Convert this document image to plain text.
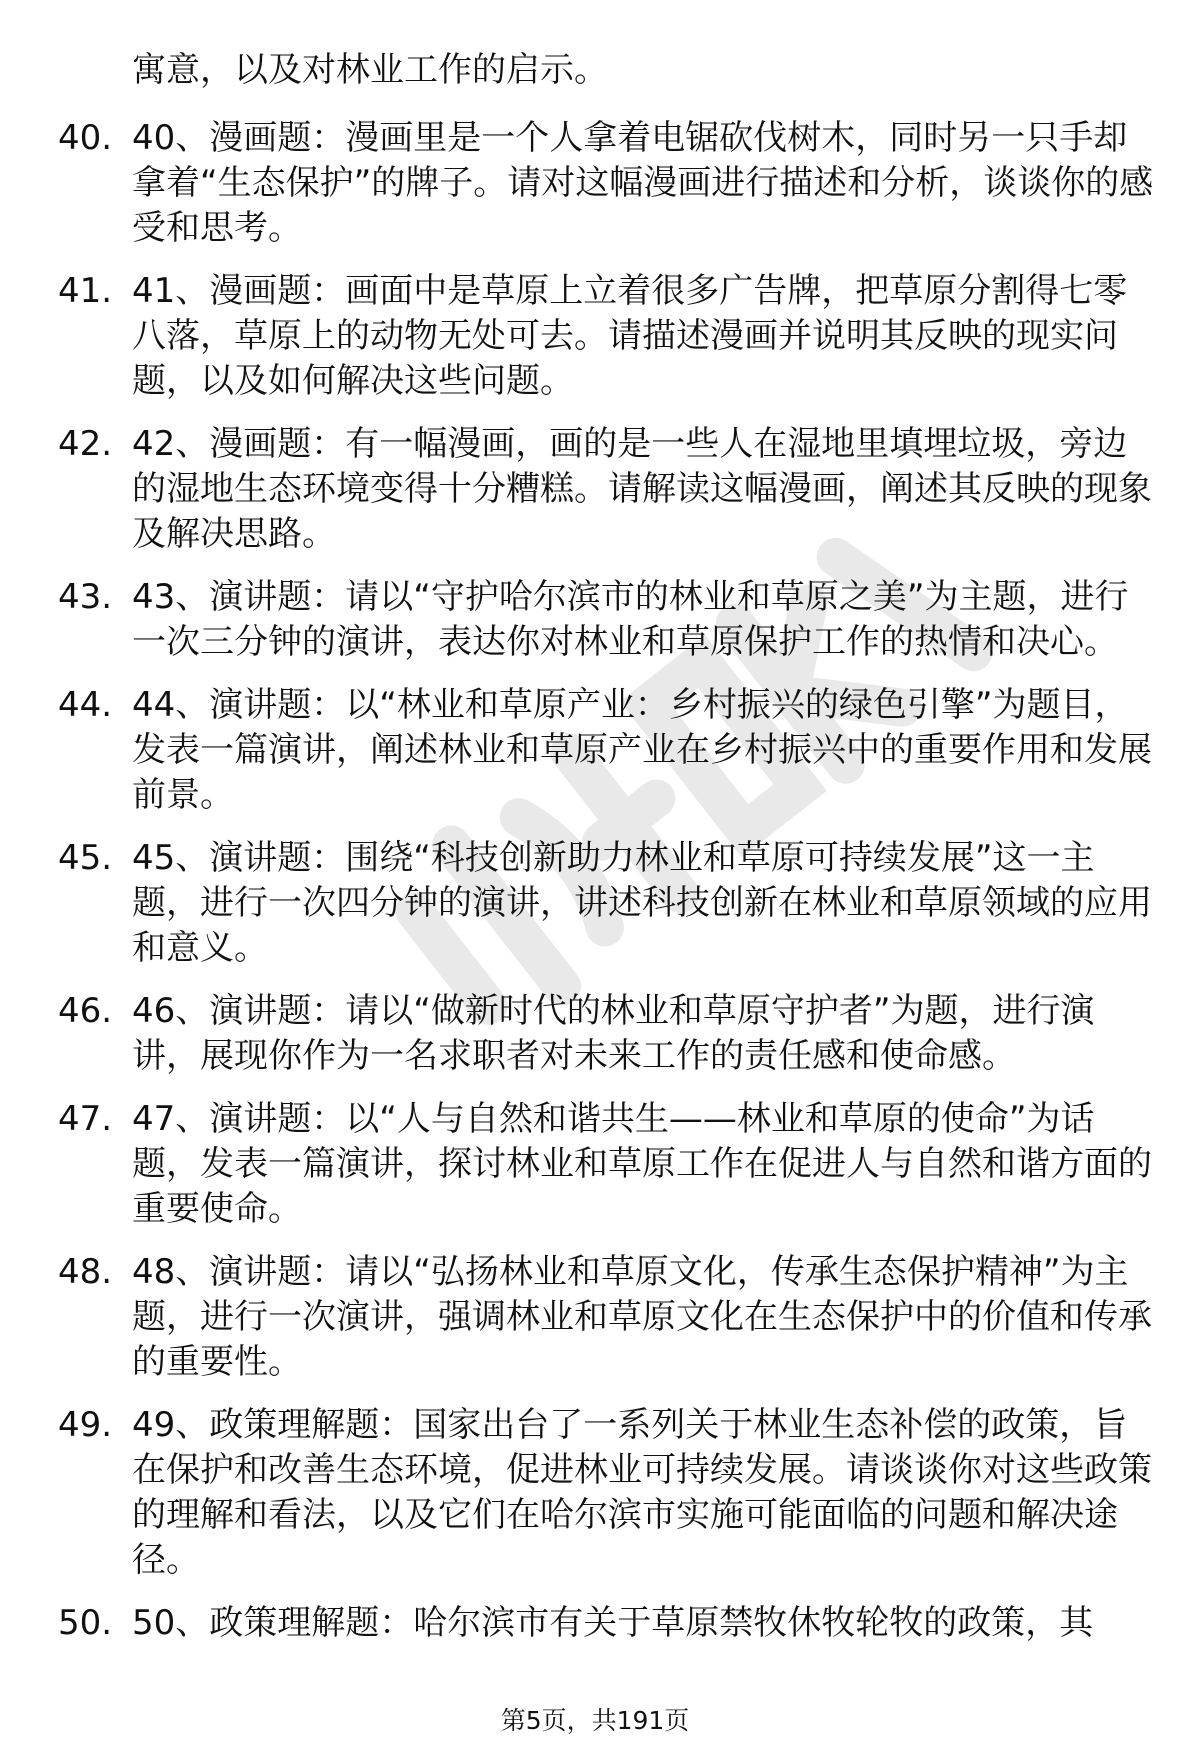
寓意，以及对林业工作的启示。
40. 40、漫画题：漫画里是一个人拿着电锯砍伐树木，同时另一只手却拿着“生态保护”的牌子。请对这幅漫画进行描述和分析，谈谈你的感受和思考。
41. 41、漫画题：画面中是草原上立着很多广告牌，把草原分割得七零八落，草原上的动物无处可去。请描述漫画并说明其反映的现实问题，以及如何解决这些问题。
42. 42、漫画题：有一幅漫画，画的是一些人在湿地里填埋垃圾，旁边的湿地生态环境变得十分糟糕。请解读这幅漫画，阐述其反映的现象及解决思路。
43. 43、演讲题：请以“守护哈尔滨市的林业和草原之美”为主题，进行一次三分钟的演讲，表达你对林业和草原保护工作的热情和决心。
44. 44、演讲题：以“林业和草原产业：乡村振兴的绿色引擎”为题目，发表一篇演讲，阐述林业和草原产业在乡村振兴中的重要作用和发展前景。
45. 45、演讲题：围绕“科技创新助力林业和草原可持续发展”这一主题，进行一次四分钟的演讲，讲述科技创新在林业和草原领域的应用和意义。
46. 46、演讲题：请以“做新时代的林业和草原守护者”为题，进行演讲，展现你作为一名求职者对未来工作的责任感和使命感。
47. 47、演讲题：以“人与自然和谐共生——林业和草原的使命”为话题，发表一篇演讲，探讨林业和草原工作在促进人与自然和谐方面的重要使命。
48. 48、演讲题：请以“弘扬林业和草原文化，传承生态保护精神”为主题，进行一次演讲，强调林业和草原文化在生态保护中的价值和传承的重要性。
49. 49、政策理解题：国家出台了一系列关于林业生态补偿的政策，旨在保护和改善生态环境，促进林业可持续发展。请谈谈你对这些政策的理解和看法，以及它们在哈尔滨市实施可能面临的问题和解决途径。
50. 50、政策理解题：哈尔滨市有关于草原禁牧休牧轮牧的政策，其
第5页，共191页
